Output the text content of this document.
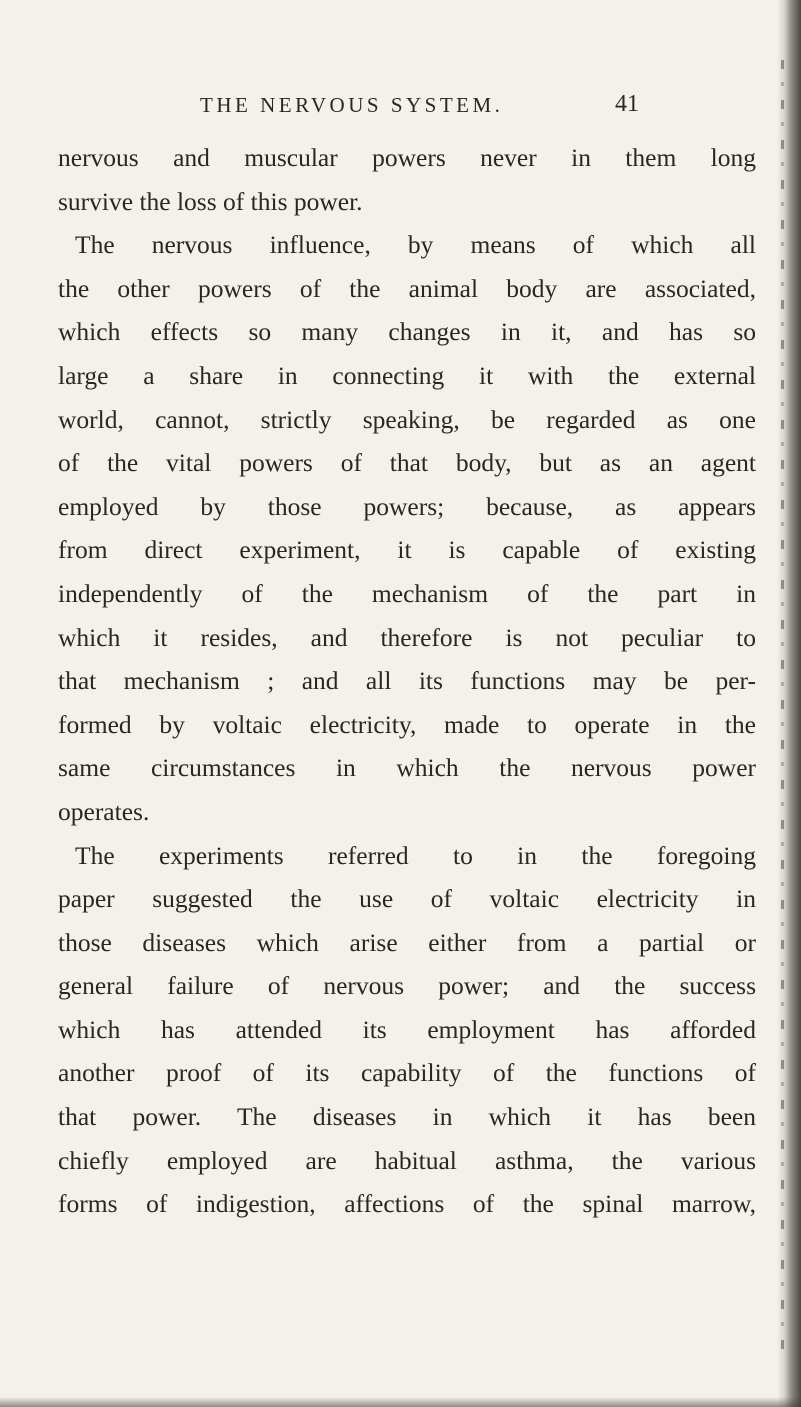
THE NERVOUS SYSTEM.	41
nervous and muscular powers never in them long
survive the loss of this power.
The nervous influence, by means of which all
the other powers of the animal body are associated,
which effects so many changes in it, and has so
large a share in connecting it with the external
world, cannot, strictly speaking, be regarded as one
of the vital powers of that body, but as an agent
employed by those powers; because, as appears
from direct experiment, it is capable of existing
independently of the mechanism of the part in
which it resides, and therefore is not peculiar to
that mechanism ; and all its functions may be per-
formed by voltaic electricity, made to operate in the
same circumstances in which the nervous power
operates.
The experiments referred to in the foregoing
paper suggested the use of voltaic electricity in
those diseases which arise either from a partial or
general failure of nervous power; and the success
which has attended its employment has afforded
another proof of its capability of the functions of
that power. The diseases in which it has been
chiefly employed are habitual asthma, the various
forms of indigestion, affections of the spinal marrow,
